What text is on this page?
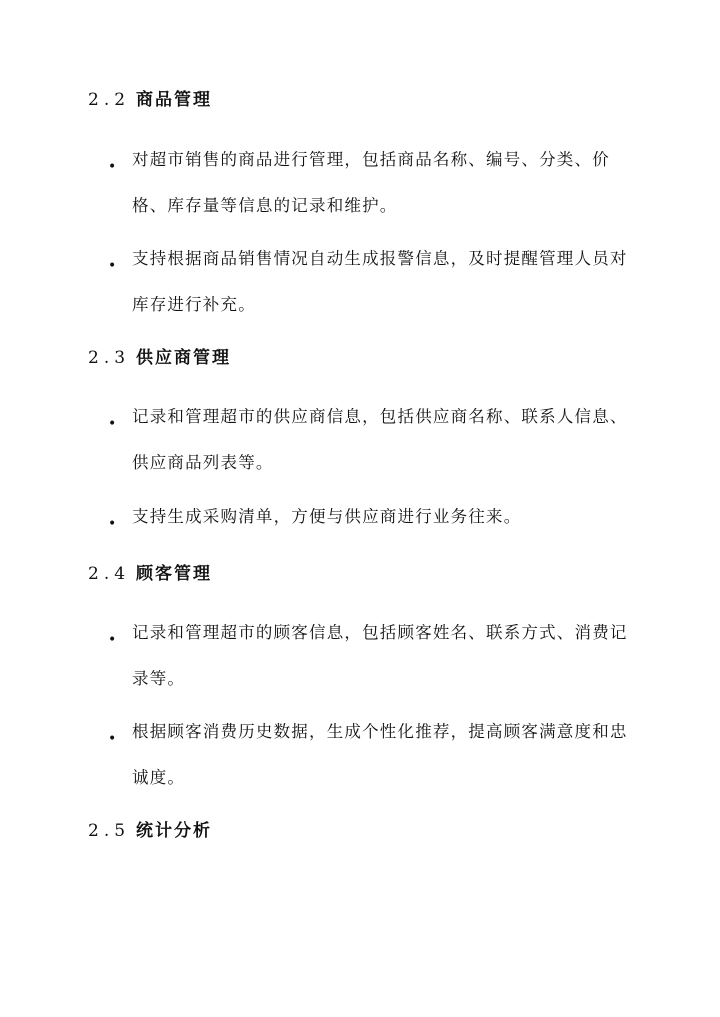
2.2 商品管理
• 对超市销售的商品进行管理，包括商品名称、编号、分类、价格、库存量等信息的记录和维护。
• 支持根据商品销售情况自动生成报警信息，及时提醒管理人员对库存进行补充。
2.3 供应商管理
• 记录和管理超市的供应商信息，包括供应商名称、联系人信息、供应商品列表等。
• 支持生成采购清单，方便与供应商进行业务往来。
2.4 顾客管理
• 记录和管理超市的顾客信息，包括顾客姓名、联系方式、消费记录等。
• 根据顾客消费历史数据，生成个性化推荐，提高顾客满意度和忠诚度。
2.5 统计分析
